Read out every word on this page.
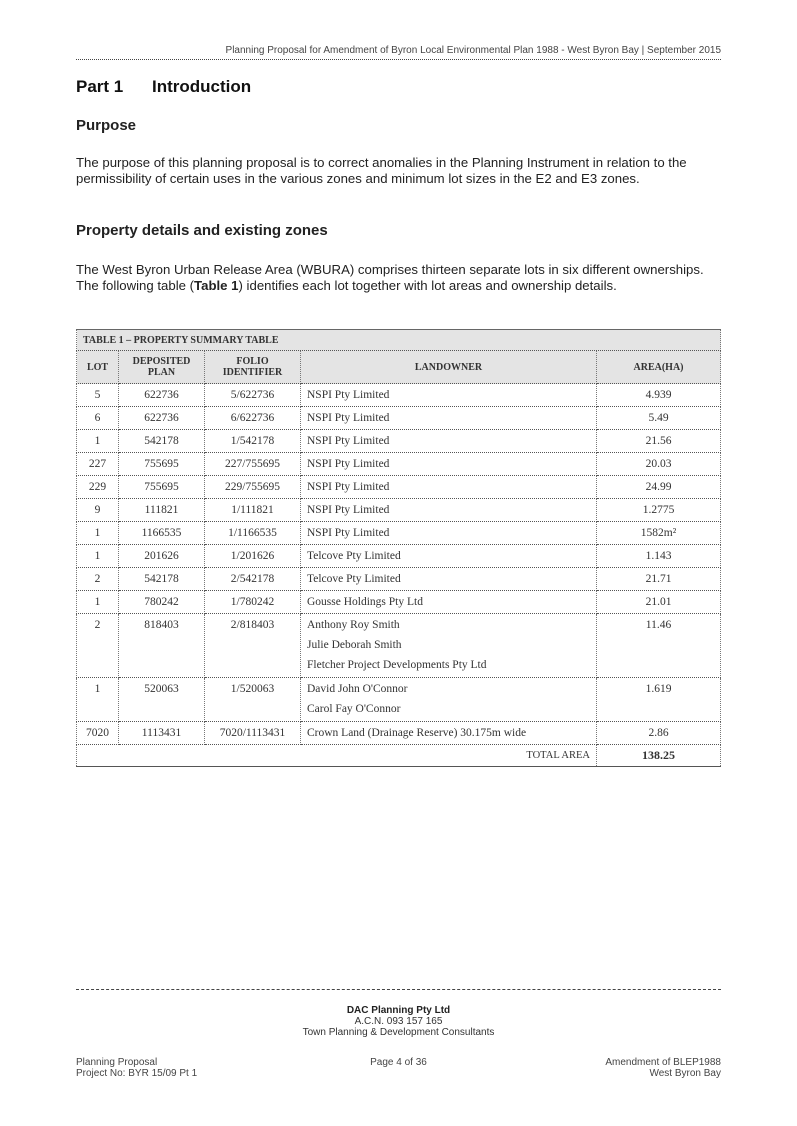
Planning Proposal for Amendment of Byron Local Environmental Plan 1988 - West Byron Bay | September 2015
Part 1 Introduction
Purpose
The purpose of this planning proposal is to correct anomalies in the Planning Instrument in relation to the permissibility of certain uses in the various zones and minimum lot sizes in the E2 and E3 zones.
Property details and existing zones
The West Byron Urban Release Area (WBURA) comprises thirteen separate lots in six different ownerships. The following table (Table 1) identifies each lot together with lot areas and ownership details.
TABLE 1 – PROPERTY SUMMARY TABLE				
LOT	DEPOSITED PLAN	FOLIO IDENTIFIER	LANDOWNER	AREA(HA)
5	622736	5/622736	NSPI Pty Limited	4.939
6	622736	6/622736	NSPI Pty Limited	5.49
1	542178	1/542178	NSPI Pty Limited	21.56
227	755695	227/755695	NSPI Pty Limited	20.03
229	755695	229/755695	NSPI Pty Limited	24.99
9	111821	1/111821	NSPI Pty Limited	1.2775
1	1166535	1/1166535	NSPI Pty Limited	1582m²
1	201626	1/201626	Telcove Pty Limited	1.143
2	542178	2/542178	Telcove Pty Limited	21.71
1	780242	1/780242	Gousse Holdings Pty Ltd	21.01
2	818403	2/818403	Anthony Roy Smith
Julie Deborah Smith
Fletcher Project Developments Pty Ltd	11.46
1	520063	1/520063	David John O'Connor
Carol Fay O'Connor	1.619
7020	1113431	7020/1113431	Crown Land (Drainage Reserve) 30.175m wide	2.86
TOTAL AREA				138.25
DAC Planning Pty Ltd
A.C.N. 093 157 165
Town Planning & Development Consultants
Planning Proposal
Project No: BYR 15/09 Pt 1
Page 4 of 36	Amendment of BLEP1988
West Byron Bay
